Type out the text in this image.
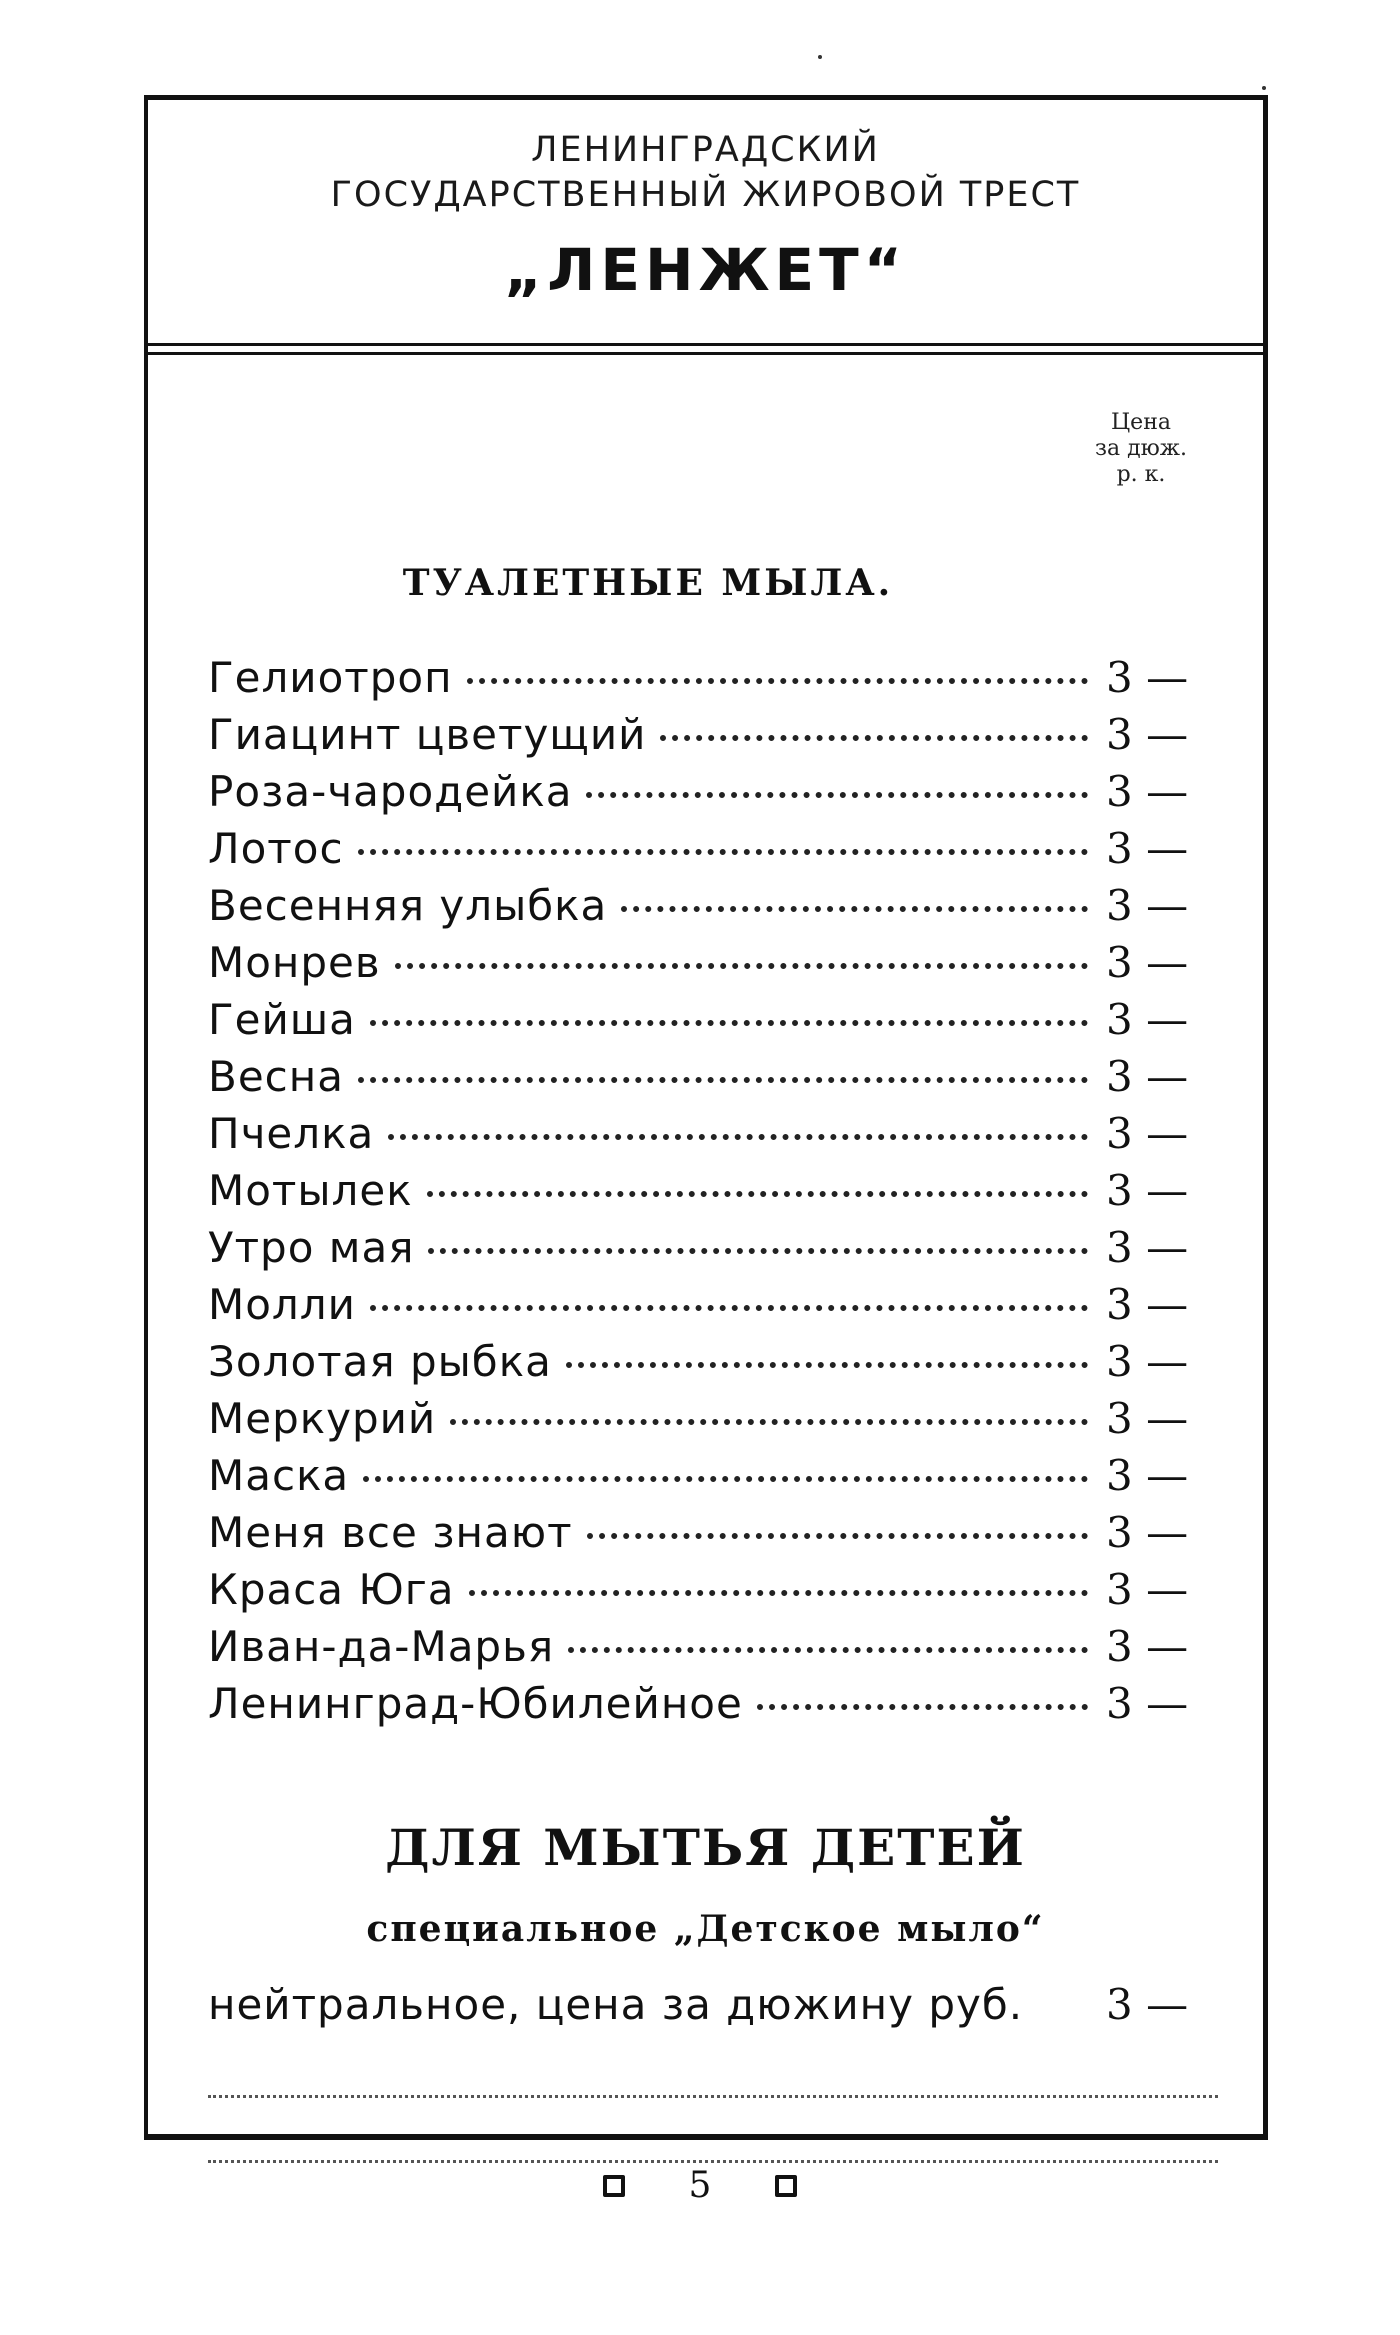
ЛЕНИНГРАДСКИЙ
ГОСУДАРСТВЕННЫЙ ЖИРОВОЙ ТРЕСТ
„ЛЕНЖЕТ“
Цена
за дюж.
р. к.
ТУАЛЕТНЫЕ МЫЛА.
Гелиотроп	3 —
Гиацинт цветущий	3 —
Роза-чародейка	3 —
Лотос	3 —
Весенняя улыбка	3 —
Монрев	3 —
Гейша	3 —
Весна	3 —
Пчелка	3 —
Мотылек	3 —
Утро мая	3 —
Молли	3 —
Золотая рыбка	3 —
Меркурий	3 —
Маска	3 —
Меня все знают	3 —
Краса Юга	3 —
Иван-да-Марья	3 —
Ленинград-Юбилейное	3 —
ДЛЯ МЫТЬЯ ДЕТЕЙ
специальное „Детское мыло“
нейтральное, цена за дюжину руб.	3 —
5
